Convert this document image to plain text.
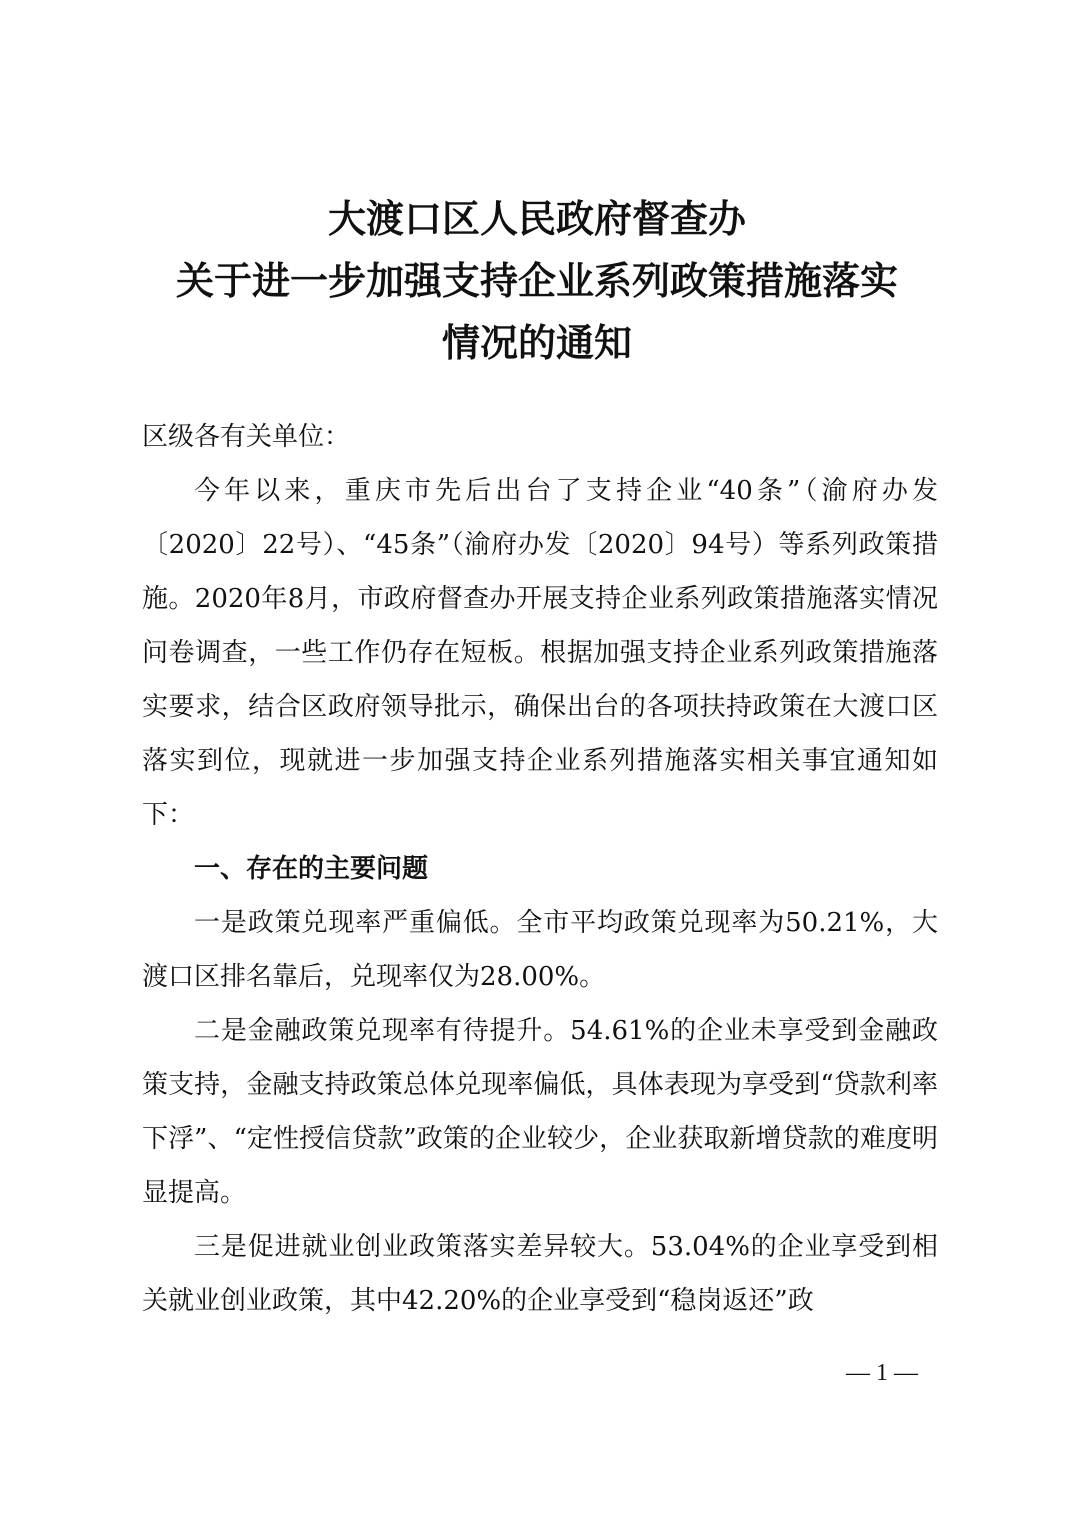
大渡口区人民政府督查办
关于进一步加强支持企业系列政策措施落实
情况的通知

区级各有关单位：

今年以来，重庆市先后出台了支持企业“40条”（渝府办发〔2020〕22号）、“45条”（渝府办发〔2020〕94号）等系列政策措施。2020年8月，市政府督查办开展支持企业系列政策措施落实情况问卷调查，一些工作仍存在短板。根据加强支持企业系列政策措施落实要求，结合区政府领导批示，确保出台的各项扶持政策在大渡口区落实到位，现就进一步加强支持企业系列措施落实相关事宜通知如下：

一、存在的主要问题

一是政策兑现率严重偏低。全市平均政策兑现率为50.21%，大渡口区排名靠后，兑现率仅为28.00%。

二是金融政策兑现率有待提升。54.61%的企业未享受到金融政策支持，金融支持政策总体兑现率偏低，具体表现为享受到“贷款利率下浮”、“定性授信贷款”政策的企业较少，企业获取新增贷款的难度明显提高。

三是促进就业创业政策落实差异较大。53.04%的企业享受到相关就业创业政策，其中42.20%的企业享受到“稳岗返还”政

— 1 —
